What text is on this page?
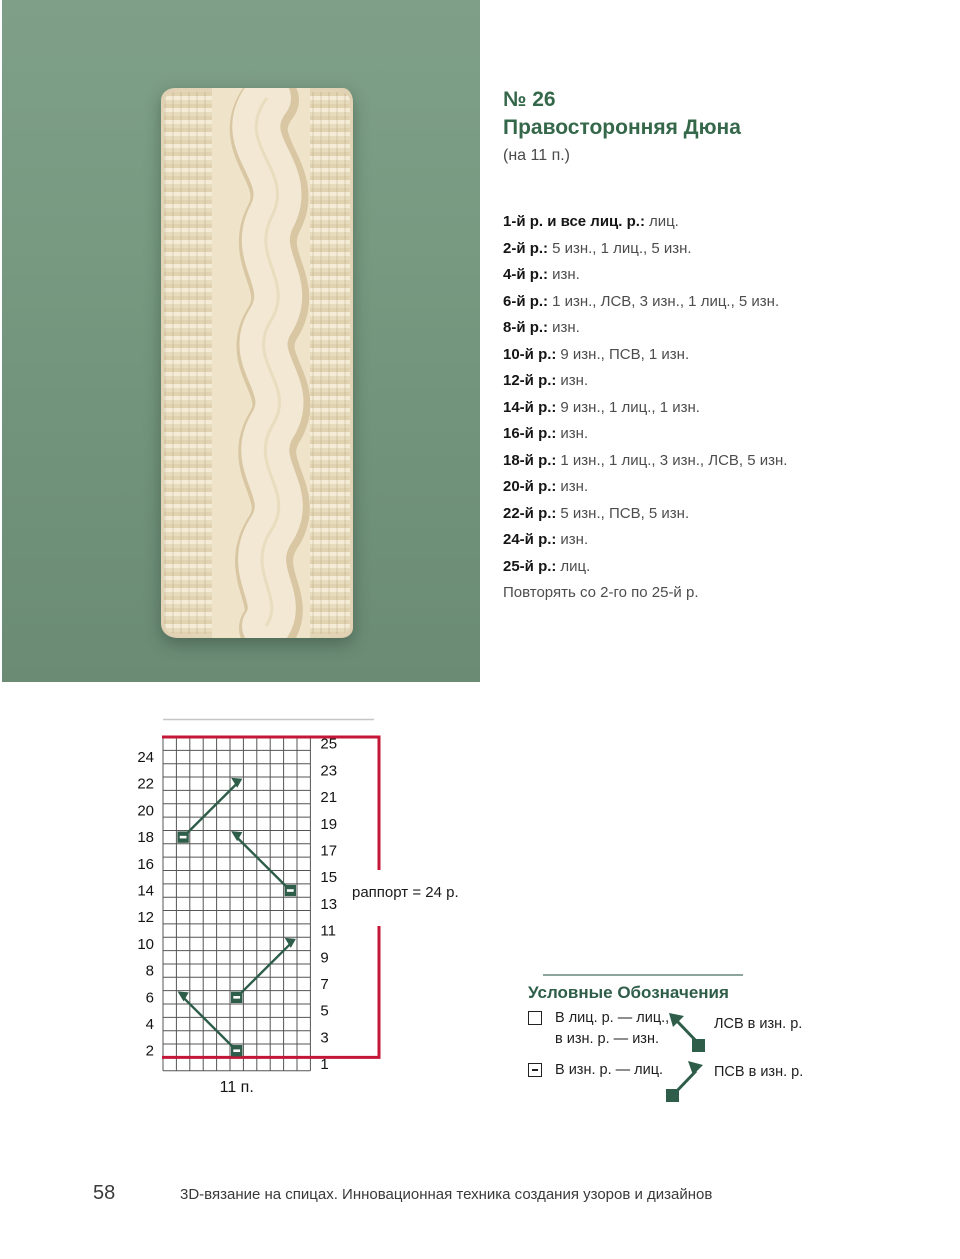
№ 26
Правосторонняя Дюна
(на 11 п.)
1-й р. и все лиц. р.: лиц.
2-й р.: 5 изн., 1 лиц., 5 изн.
4-й р.: изн.
6-й р.: 1 изн., ЛСВ, 3 изн., 1 лиц., 5 изн.
8-й р.: изн.
10-й р.: 9 изн., ПСВ, 1 изн.
12-й р.: изн.
14-й р.: 9 изн., 1 лиц., 1 изн.
16-й р.: изн.
18-й р.: 1 изн., 1 лиц., 3 изн., ЛСВ, 5 изн.
20-й р.: изн.
22-й р.: 5 изн., ПСВ, 5 изн.
24-й р.: изн.
25-й р.: лиц.
Повторять со 2-го по 25-й р.
24
22
20
18
16
14
12
10
8
6
4
2
25
23
21
19
17
15
13
11
9
7
5
3
1
11 п.
раппорт = 24 р.
Условные Обозначения
В лиц. р. — лиц.,
в изн. р. — изн.
В изн. р. — лиц.
ЛСВ в изн. р.
ПСВ в изн. р.
58	3D-вязание на спицах. Инновационная техника создания узоров и дизайнов
